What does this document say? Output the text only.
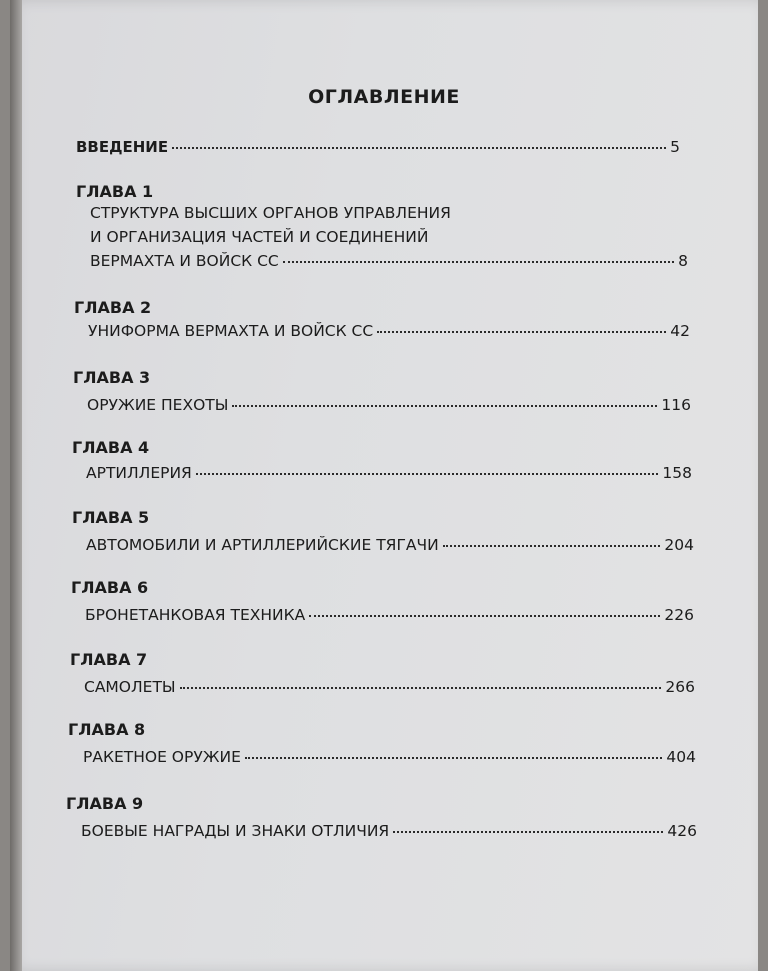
ОГЛАВЛЕНИЕ
ВВЕДЕНИЕ	5
ГЛАВА 1
СТРУКТУРА ВЫСШИХ ОРГАНОВ УПРАВЛЕНИЯ
И ОРГАНИЗАЦИЯ ЧАСТЕЙ И СОЕДИНЕНИЙ
ВЕРМАХТА И ВОЙСК СС	8
ГЛАВА 2
УНИФОРМА ВЕРМАХТА И ВОЙСК СС	42
ГЛАВА 3
ОРУЖИЕ ПЕХОТЫ	116
ГЛАВА 4
АРТИЛЛЕРИЯ	158
ГЛАВА 5
АВТОМОБИЛИ И АРТИЛЛЕРИЙСКИЕ ТЯГАЧИ	204
ГЛАВА 6
БРОНЕТАНКОВАЯ ТЕХНИКА	226
ГЛАВА 7
САМОЛЕТЫ	266
ГЛАВА 8
РАКЕТНОЕ ОРУЖИЕ	404
ГЛАВА 9
БОЕВЫЕ НАГРАДЫ И ЗНАКИ ОТЛИЧИЯ	426
